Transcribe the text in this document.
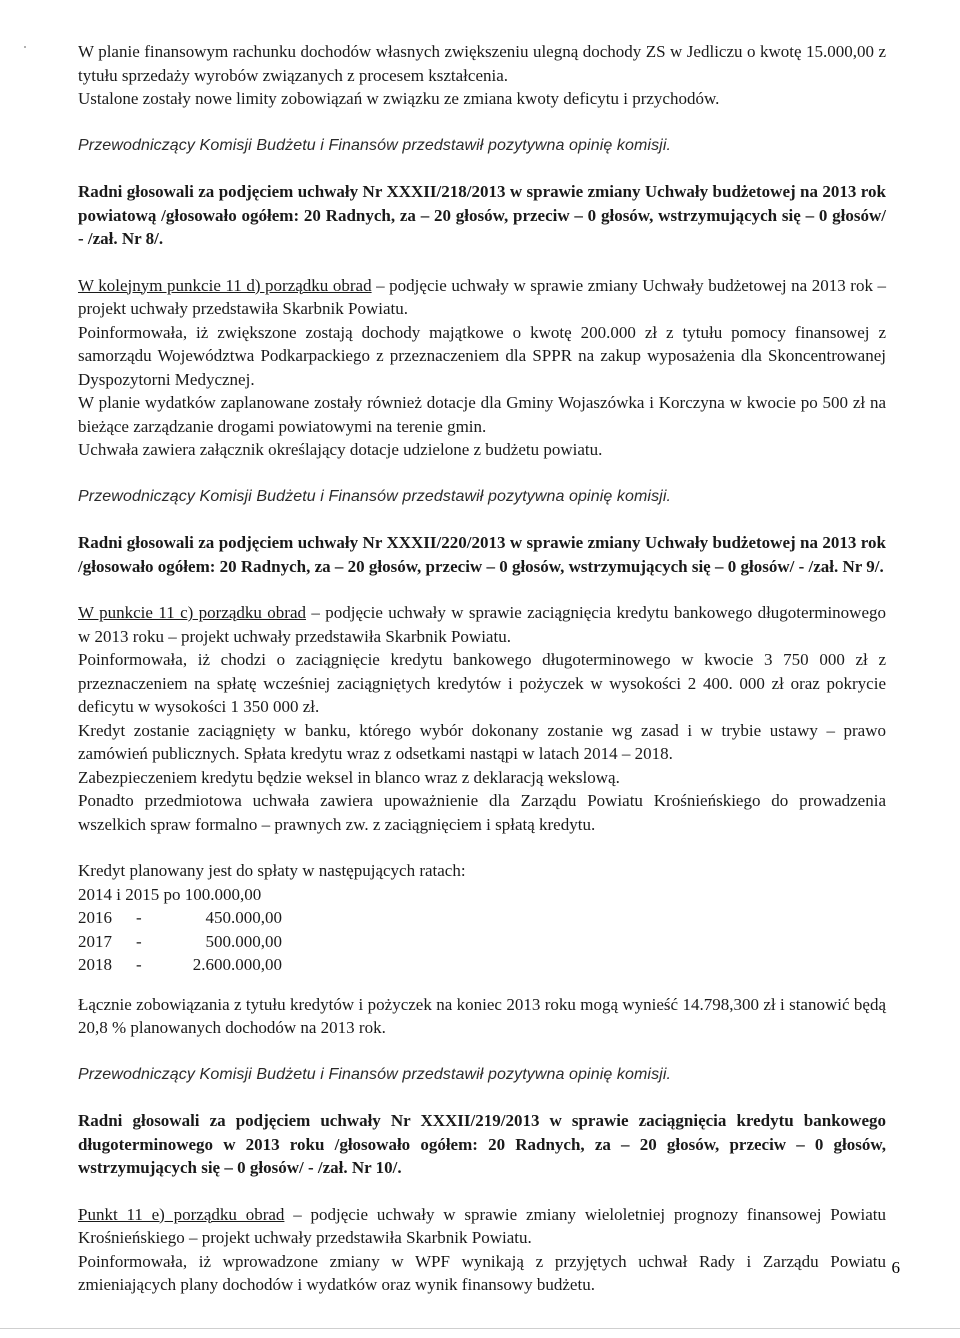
W planie finansowym rachunku dochodów własnych zwiększeniu ulegną dochody ZS w Jedliczu o kwotę 15.000,00 z tytułu sprzedaży wyrobów związanych z procesem kształcenia.
Ustalone zostały nowe limity zobowiązań w związku ze zmiana kwoty deficytu i przychodów.

Przewodniczący Komisji Budżetu i Finansów przedstawił pozytywna opinię komisji.

Radni głosowali za podjęciem uchwały Nr XXXII/218/2013 w sprawie zmiany Uchwały budżetowej na 2013 rok powiatową /głosowało ogółem: 20 Radnych, za – 20 głosów, przeciw – 0 głosów, wstrzymujących się – 0 głosów/ - /zał. Nr 8/.

W kolejnym punkcie 11 d) porządku obrad – podjęcie uchwały w sprawie zmiany Uchwały budżetowej na 2013 rok – projekt uchwały przedstawiła Skarbnik Powiatu.

Poinformowała, iż zwiększone zostają dochody majątkowe o kwotę 200.000 zł z tytułu pomocy finansowej z samorządu Województwa Podkarpackiego z przeznaczeniem dla SPPR na zakup wyposażenia dla Skoncentrowanej Dyspozytorni Medycznej.

W planie wydatków zaplanowane zostały również dotacje dla Gminy Wojaszówka i Korczyna w kwocie po 500 zł na bieżące zarządzanie drogami powiatowymi na terenie gmin.

Uchwała zawiera załącznik określający dotacje udzielone z budżetu powiatu.

Przewodniczący Komisji Budżetu i Finansów przedstawił pozytywna opinię komisji.

Radni głosowali za podjęciem uchwały Nr XXXII/220/2013 w sprawie zmiany Uchwały budżetowej na 2013 rok /głosowało ogółem: 20 Radnych, za – 20 głosów, przeciw – 0 głosów, wstrzymujących się – 0 głosów/ - /zał. Nr 9/.

W punkcie 11 c) porządku obrad – podjęcie uchwały w sprawie zaciągnięcia kredytu bankowego długoterminowego w 2013 roku – projekt uchwały przedstawiła Skarbnik Powiatu.

Poinformowała, iż chodzi o zaciągnięcie kredytu bankowego długoterminowego w kwocie 3 750 000 zł z przeznaczeniem na spłatę wcześniej zaciągniętych kredytów i pożyczek w wysokości 2 400. 000 zł oraz pokrycie deficytu w wysokości 1 350 000 zł.

Kredyt zostanie zaciągnięty w banku, którego wybór dokonany zostanie wg zasad i w trybie ustawy – prawo zamówień publicznych. Spłata kredytu wraz z odsetkami nastąpi w latach 2014 – 2018.

Zabezpieczeniem kredytu będzie weksel in blanco wraz z deklaracją wekslową.

Ponadto przedmiotowa uchwała zawiera upoważnienie dla Zarządu Powiatu Krośnieńskiego do prowadzenia wszelkich spraw formalno – prawnych zw. z zaciągnięciem i spłatą kredytu.

Kredyt planowany jest do spłaty w następujących ratach:

2014 i 2015 po 100.000,00
2016	-	450.000,00
2017	-	500.000,00
2018	-	2.600.000,00

Łącznie zobowiązania z tytułu kredytów i pożyczek na koniec 2013 roku mogą wynieść 14.798,300 zł i stanowić będą 20,8 % planowanych dochodów na 2013 rok.

Przewodniczący Komisji Budżetu i Finansów przedstawił pozytywna opinię komisji.

Radni głosowali za podjęciem uchwały Nr XXXII/219/2013 w sprawie zaciągnięcia kredytu bankowego długoterminowego w 2013 roku /głosowało ogółem: 20 Radnych, za – 20 głosów, przeciw – 0 głosów, wstrzymujących się – 0 głosów/ - /zał. Nr 10/.

Punkt 11 e) porządku obrad – podjęcie uchwały w sprawie zmiany wieloletniej prognozy finansowej Powiatu Krośnieńskiego – projekt uchwały przedstawiła Skarbnik Powiatu.

Poinformowała, iż wprowadzone zmiany w WPF wynikają z przyjętych uchwał Rady i Zarządu Powiatu zmieniających plany dochodów i wydatków oraz wynik finansowy budżetu.

6
